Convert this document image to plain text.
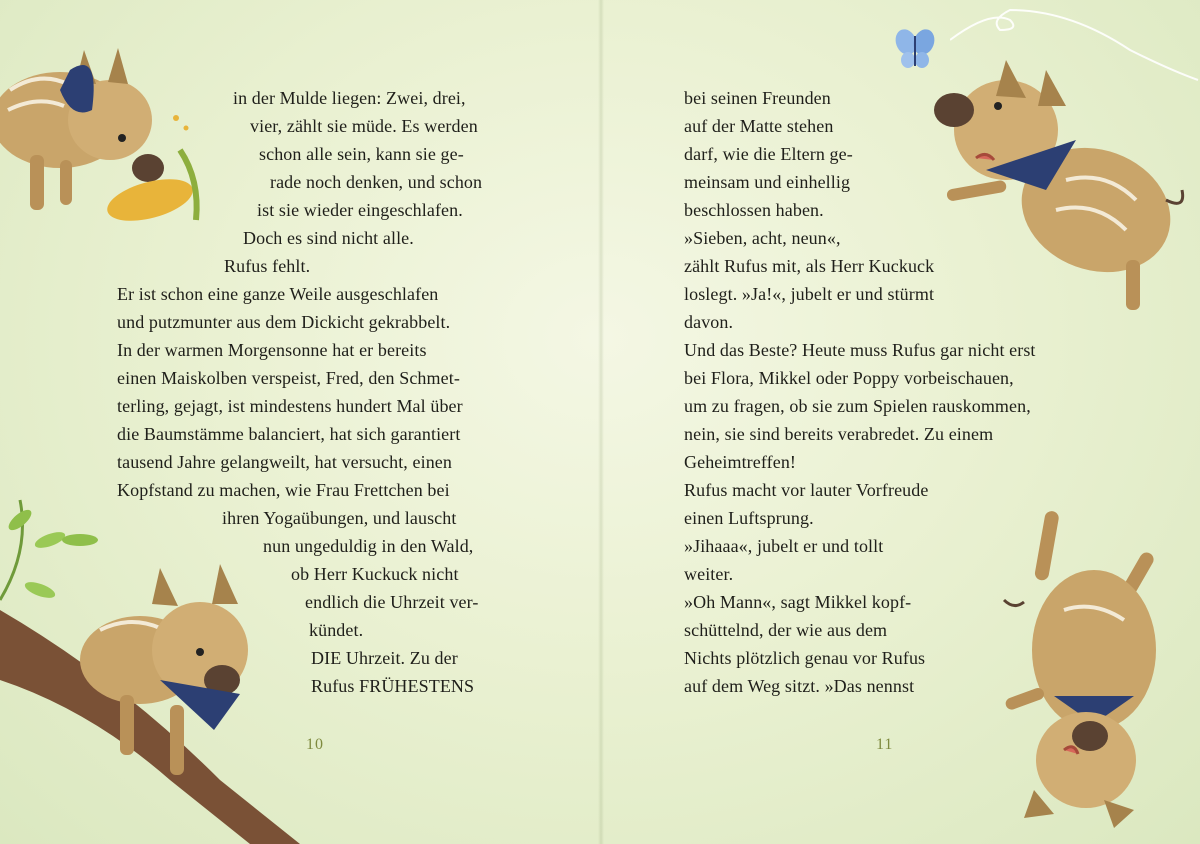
in der Mulde liegen: Zwei, drei,
vier, zählt sie müde. Es werden
schon alle sein, kann sie ge-
rade noch denken, und schon
ist sie wieder eingeschlafen.
Doch es sind nicht alle.
Rufus fehlt.
Er ist schon eine ganze Weile ausgeschlafen
und putzmunter aus dem Dickicht gekrabbelt.
In der warmen Morgensonne hat er bereits
einen Maiskolben verspeist, Fred, den Schmet-
terling, gejagt, ist mindestens hundert Mal über
die Baumstämme balanciert, hat sich garantiert
tausend Jahre gelangweilt, hat versucht, einen
Kopfstand zu machen, wie Frau Frettchen bei
ihren Yogaübungen, und lauscht
nun ungeduldig in den Wald,
ob Herr Kuckuck nicht
endlich die Uhrzeit ver-
kündet.
DIE Uhrzeit. Zu der
Rufus FRÜHESTENS
10
bei seinen Freunden
auf der Matte stehen
darf, wie die Eltern ge-
meinsam und einhellig
beschlossen haben.
»Sieben, acht, neun«,
zählt Rufus mit, als Herr Kuckuck
loslegt. »Ja!«, jubelt er und stürmt
davon.
Und das Beste? Heute muss Rufus gar nicht erst
bei Flora, Mikkel oder Poppy vorbeischauen,
um zu fragen, ob sie zum Spielen rauskommen,
nein, sie sind bereits verabredet. Zu einem
Geheimtreffen!
Rufus macht vor lauter Vorfreude
einen Luftsprung.
»Jihaaa«, jubelt er und tollt
weiter.
»Oh Mann«, sagt Mikkel kopf-
schüttelnd, der wie aus dem
Nichts plötzlich genau vor Rufus
auf dem Weg sitzt. »Das nennst
11
